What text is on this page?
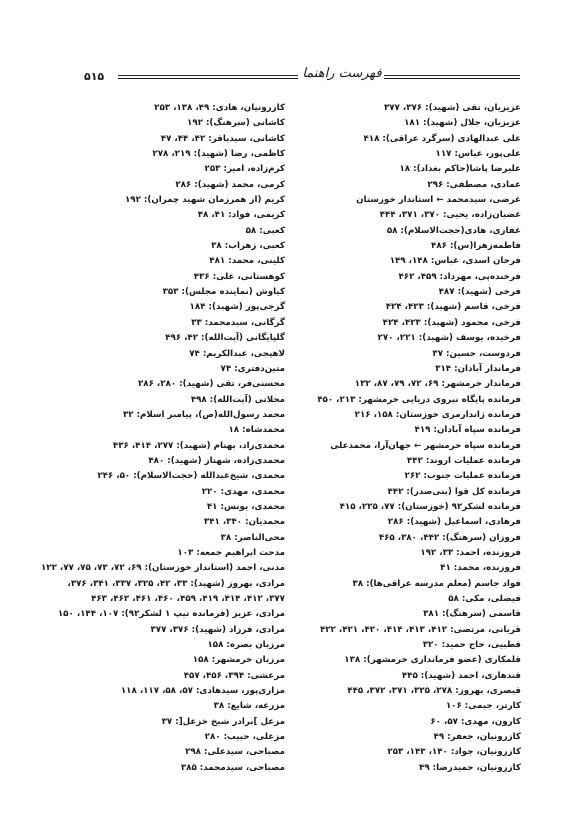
۵۱۵	فهرست راهنما
عزیزیان، تقی (شهید): ۳۷۶، ۳۷۷
عزیزیان، جلال (شهید): ۱۸۱
علی عبدالهادی (سرگرد عراقی): ۴۱۸
علی‌پور، عباس: ۱۱۷
علیرضا پاشا(حاکم بغداد): ۱۸
عمادی، مصطفی: ۲۹۶
غرضی، سیدمحمد ← استاندار خوزستان
غضبان‌زاده، یحیی: ۳۷۰، ۳۷۱، ۴۴۴
غفاری، هادی(حجت‌الاسلام): ۵۸
فاطمه‌زهرا(س): ۴۸۶
فرحان اسدی، عباس: ۱۴۸، ۱۴۹
فرخنده‌پی، مهرداد: ۴۵۹، ۴۶۲
فرخی (شهید): ۴۸۷
فرخی، قاسم (شهید): ۴۲۳، ۴۲۴
فرخی، محمود (شهید): ۴۲۳، ۴۲۴
فرخیده، یوسف (شهید): ۲۲۱، ۲۷۰
فردوست، حسین: ۳۷
فرماندار آبادان: ۳۱۴
فرماندار خرمشهر: ۶۹، ۷۲، ۷۹، ۸۷، ۱۳۲
فرمانده پایگاه نیروی دریایی خرمشهر: ۲۱۳، ۴۵۰
فرمانده ژاندارمری خوزستان: ۱۵۸، ۲۱۶
فرمانده سپاه آبادان: ۴۱۹
فرمانده سپاه خرمشهر ← جهان‌آرا، محمدعلی
فرمانده عملیات اروند: ۴۴۲
فرمانده عملیات جنوب: ۲۶۲
فرمانده کل قوا (بنی‌صدر): ۴۴۲
فرمانده لشکر۹۲ (خوزستان): ۷۷، ۲۲۵، ۴۱۵
فرهادی، اسماعیل (شهید): ۲۸۶
فروزان (سرهنگ): ۴۴۲، ۳۸۰، ۴۶۵
فروزنده، احمد: ۳۳، ۱۹۲
فروزنده، محمد: ۴۱
فواد جاسم (معلم مدرسه عراقی‌ها): ۳۸
فیصلی، مکی: ۵۸
قاسمی (سرهنگ): ۳۸۱
قربانی، مرتضی: ۴۱۲، ۴۱۳، ۴۱۴، ۴۲۰، ۴۲۱، ۴۲۲
قطبیی، حاج حمید: ۳۲۰
قلمکاری (عضو فرمانداری خرمشهر): ۱۳۸
قندهاری، احمد (شهید): ۴۴۵
قیصری، بهروز: ۲۷۸، ۳۲۵، ۳۷۱، ۳۷۲، ۴۴۵
کارتر، جیمی: ۱۰۶
کارون، مهدی: ۵۷، ۶۰
کازرونیان، جعفر: ۴۹
کازرونیان، جواد: ۱۴۰، ۱۴۳، ۲۵۳
کازرونیان، حمیدرضا: ۴۹
کازرونیان، هادی: ۴۹، ۱۳۸، ۲۵۳
کاشانی (سرهنگ): ۱۹۲
کاشانی، سیدباقر: ۴۲، ۴۴، ۴۷
کاظمی، رضا (شهید): ۲۱۹، ۲۷۸
کرم‌زاده، امیر: ۲۵۳
کرمی، محمد (شهید): ۲۸۶
کریم (از همرزمان شهید چمران): ۱۹۲
کریمی، فواد: ۴۱، ۴۸
کعبی: ۵۸
کعبی، زهراب: ۳۸
کلینی، محمد: ۴۸۱
کوهستانی، علی: ۴۳۶
کیاوش (نماینده مجلس): ۳۵۳
گرجی‌پور (شهید): ۱۸۴
گرگانی، سیدمحمد: ۳۳
گلپایگانی (آیت‌الله): ۴۲، ۴۹۶
لاهیجی، عبدالکریم: ۷۴
متین‌دفتری: ۷۴
محسنی‌فر، تقی (شهید): ۲۸۰، ۲۸۶
محلاتی (آیت‌الله): ۴۹۸
محمد رسول‌الله(ص)، پیامبر اسلام: ۳۲
محمدشاه: ۱۸
محمدی‌زاد، بهنام (شهید): ۲۷۷، ۴۱۴، ۴۳۶
محمدی‌زاده، شهناز (شهید): ۴۸۰
محمدی، شیخ‌عبدالله (حجت‌الاسلام): ۵۰، ۲۴۶
محمدی، مهدی: ۲۲۰
محمدی، یونس: ۴۱
محمدیان: ۳۴۰، ۳۴۱
محی‌الناصر: ۳۸
مدحت ابراهیم جمعه: ۱۰۳
مدنی، احمد (استاندار خوزستان): ۶۹، ۷۲، ۷۳، ۷۵، ۷۷، ۱۲۲
مرادی، بهروز (شهید): ۳۳، ۴۲، ۳۲۵، ۳۳۷، ۳۴۱، ۳۷۶،
۳۷۷، ۴۱۲، ۴۱۴، ۴۱۹، ۴۵۹، ۴۶۰، ۴۶۱، ۴۶۲، ۴۶۳
مرادی، عزیز (فرمانده تیپ ۱ لشکر۹۲): ۱۰۷، ۱۴۴، ۱۵۰
مرادی، فرزاد (شهید): ۳۷۶، ۳۷۷
مرزبان بصره: ۱۵۸
مرزبان خرمشهر: ۱۵۸
مرعشی: ۳۹۴، ۴۵۶، ۴۵۷
مزاری‌پور، سیدهادی: ۵۷، ۵۸، ۱۱۷، ۱۱۸
مزرعه، شایع: ۳۸
مزعل ]برادر شیخ خزعل[: ۳۷
مزعلی، حبیب: ۲۸۰
مصباحی، سیدعلی: ۲۹۸
مصباحی، سیدمحمد: ۳۸۵
